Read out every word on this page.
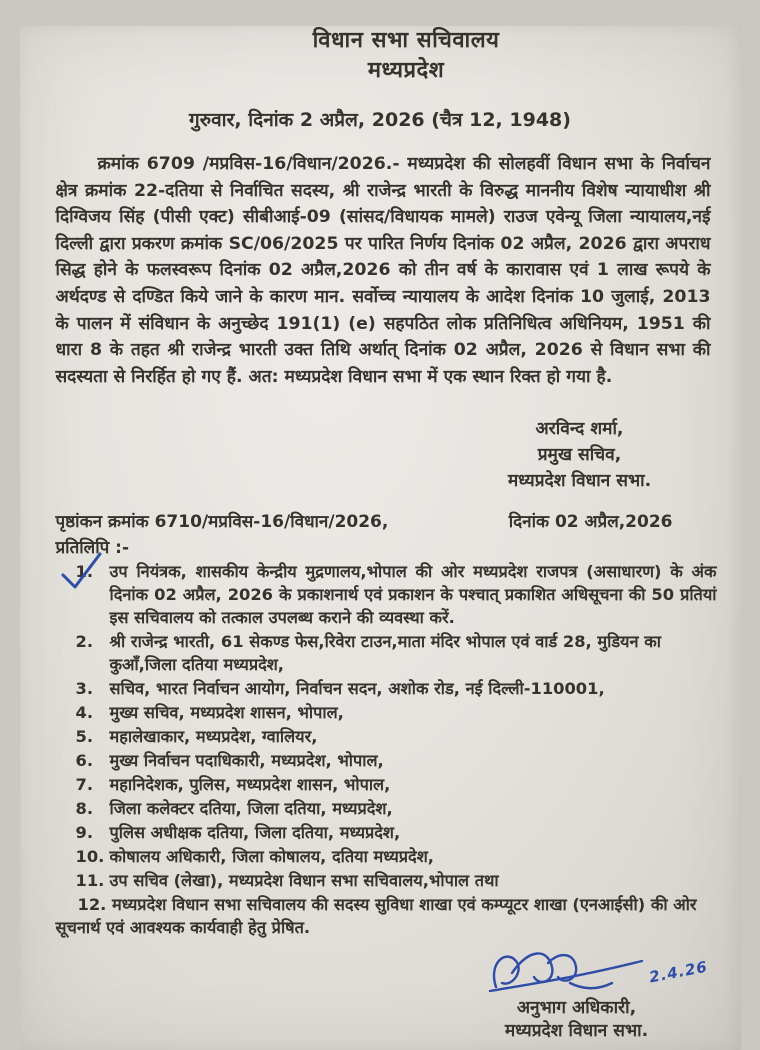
विधान सभा सचिवालय
मध्यप्रदेश
गुरुवार, दिनांक 2 अप्रैल, 2026 (चैत्र 12, 1948)

क्रमांक 6709 /मप्रविस-16/विधान/2026.- मध्यप्रदेश की सोलहवीं विधान सभा के निर्वाचन क्षेत्र क्रमांक 22-दतिया से निर्वाचित सदस्य, श्री राजेन्द्र भारती के विरुद्ध माननीय विशेष न्यायाधीश श्री दिग्विजय सिंह (पीसी एक्ट) सीबीआई-09 (सांसद/विधायक मामले) राउज एवेन्यू जिला न्यायालय,नई दिल्ली द्वारा प्रकरण क्रमांक SC/06/2025 पर पारित निर्णय दिनांक 02 अप्रैल, 2026 द्वारा अपराध सिद्ध होने के फलस्वरूप दिनांक 02 अप्रैल,2026 को तीन वर्ष के कारावास एवं 1 लाख रूपये के अर्थदण्ड से दण्डित किये जाने के कारण मान. सर्वोच्च न्यायालय के आदेश दिनांक 10 जुलाई, 2013 के पालन में संविधान के अनुच्छेद 191(1) (e) सहपठित लोक प्रतिनिधित्व अधिनियम, 1951 की धारा 8 के तहत श्री राजेन्द्र भारती उक्त तिथि अर्थात् दिनांक 02 अप्रैल, 2026 से विधान सभा की सदस्यता से निरर्हित हो गए हैं. अत: मध्यप्रदेश विधान सभा में एक स्थान रिक्त हो गया है.

अरविन्द शर्मा,
प्रमुख सचिव,
मध्यप्रदेश विधान सभा.
पृष्ठांकन क्रमांक 6710/मप्रविस-16/विधान/2026,	दिनांक 02 अप्रैल,2026
प्रतिलिपि :-
1.	उप नियंत्रक, शासकीय केन्द्रीय मुद्रणालय,भोपाल की ओर मध्यप्रदेश राजपत्र (असाधारण) के अंक दिनांक 02 अप्रैल, 2026 के प्रकाशनार्थ एवं प्रकाशन के पश्चात् प्रकाशित अधिसूचना की 50 प्रतियां इस सचिवालय को तत्काल उपलब्ध कराने की व्यवस्था करें.
2.	श्री राजेन्द्र भारती, 61 सेकण्ड फेस,रिवेरा टाउन,माता मंदिर भोपाल एवं वार्ड 28, मुडियन का कुआँ,जिला दतिया मध्यप्रदेश,
3.	सचिव, भारत निर्वाचन आयोग, निर्वाचन सदन, अशोक रोड, नई दिल्ली-110001,
4.	मुख्य सचिव, मध्यप्रदेश शासन, भोपाल,
5.	महालेखाकार, मध्यप्रदेश, ग्वालियर,
6.	मुख्य निर्वाचन पदाधिकारी, मध्यप्रदेश, भोपाल,
7.	महानिदेशक, पुलिस, मध्यप्रदेश शासन, भोपाल,
8.	जिला कलेक्टर दतिया, जिला दतिया, मध्यप्रदेश,
9.	पुलिस अधीक्षक दतिया, जिला दतिया, मध्यप्रदेश,
10. कोषालय अधिकारी, जिला कोषालय, दतिया मध्यप्रदेश,
11. उप सचिव (लेखा), मध्यप्रदेश विधान सभा सचिवालय,भोपाल तथा

12. मध्यप्रदेश विधान सभा सचिवालय की सदस्य सुविधा शाखा एवं कम्प्यूटर शाखा (एनआईसी) की ओर सूचनार्थ एवं आवश्यक कार्यवाही हेतु प्रेषित.

2.4.26
अनुभाग अधिकारी,
मध्यप्रदेश विधान सभा.
